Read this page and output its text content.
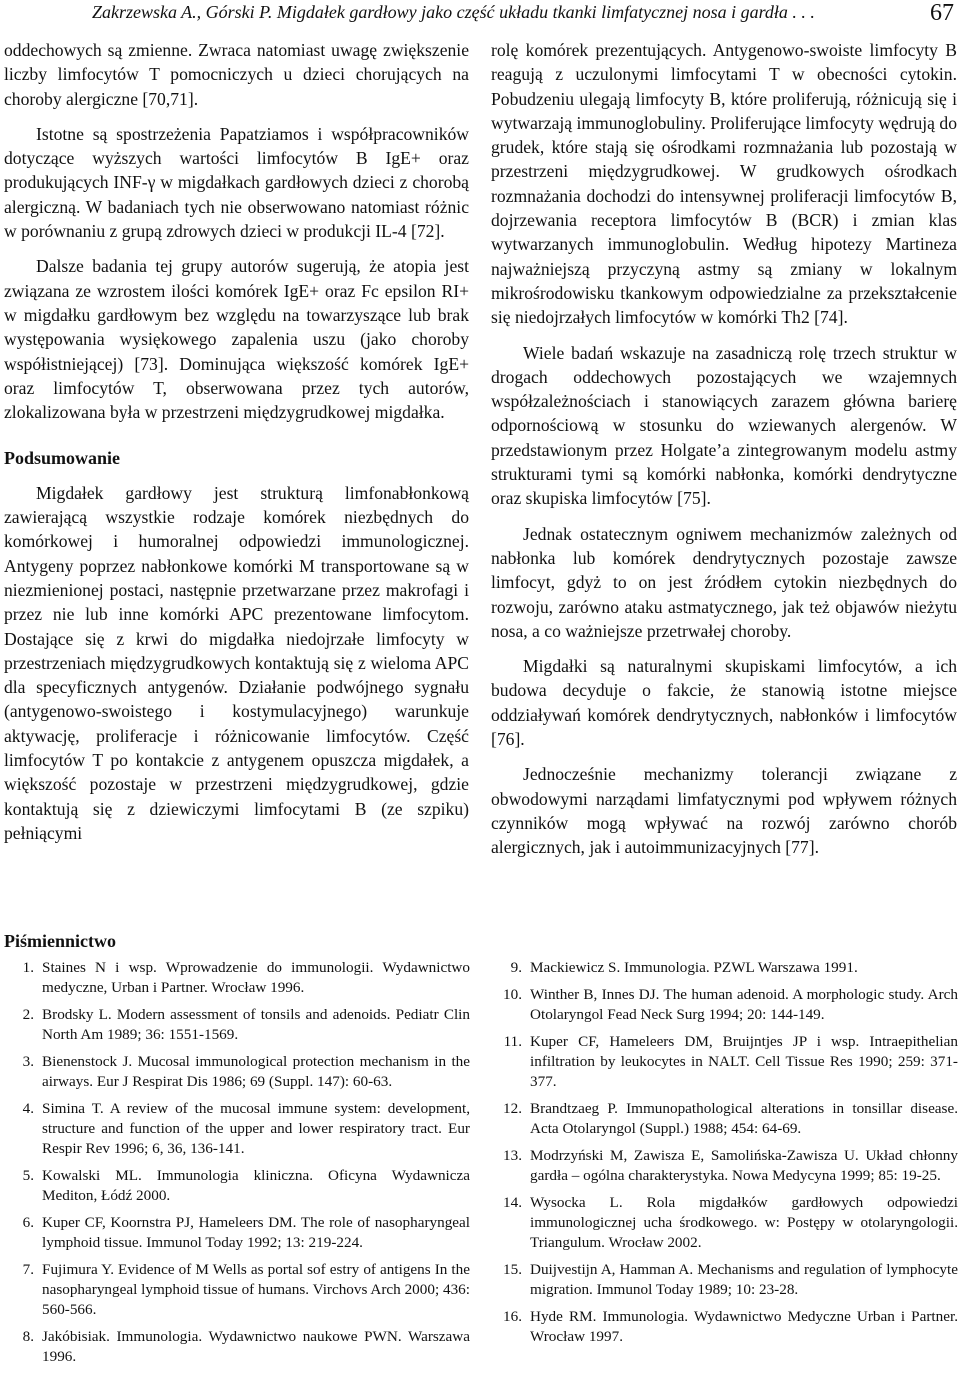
Zakrzewska A., Górski P. Migdałek gardłowy jako część układu tkanki limfatycznej nosa i gardła . . .	67

oddechowych są zmienne. Zwraca natomiast uwagę zwiększenie liczby limfocytów T pomocniczych u dzieci chorujących na choroby alergiczne [70,71].

Istotne są spostrzeżenia Papatziamos i współpracowników dotyczące wyższych wartości limfocytów B IgE+ oraz produkujących INF-γ w migdałkach gardłowych dzieci z chorobą alergiczną. W badaniach tych nie obserwowano natomiast różnic w porównaniu z grupą zdrowych dzieci w produkcji IL-4 [72].

Dalsze badania tej grupy autorów sugerują, że atopia jest związana ze wzrostem ilości komórek IgE+ oraz Fc epsilon RI+ w migdałku gardłowym bez względu na towarzyszące lub brak występowania wysiękowego zapalenia uszu (jako choroby współistniejącej) [73]. Dominująca większość komórek IgE+ oraz limfocytów T, obserwowana przez tych autorów, zlokalizowana była w przestrzeni międzygrudkowej migdałka.

Podsumowanie

Migdałek gardłowy jest strukturą limfonabłonkową zawierającą wszystkie rodzaje komórek niezbędnych do komórkowej i humoralnej odpowiedzi immunologicznej. Antygeny poprzez nabłonkowe komórki M transportowane są w niezmienionej postaci, następnie przetwarzane przez makrofagi i przez nie lub inne komórki APC prezentowane limfocytom. Dostające się z krwi do migdałka niedojrzałe limfocyty w przestrzeniach międzygrudkowych kontaktują się z wieloma APC dla specyficznych antygenów. Działanie podwójnego sygnału (antygenowo-swoistego i kostymulacyjnego) warunkuje aktywację, proliferacje i różnicowanie limfocytów. Część limfocytów T po kontakcie z antygenem opuszcza migdałek, a większość pozostaje w przestrzeni międzygrudkowej, gdzie kontaktują się z dziewiczymi limfocytami B (ze szpiku) pełniącymi

rolę komórek prezentujących. Antygenowo-swoiste limfocyty B reagują z uczulonymi limfocytami T w obecności cytokin. Pobudzeniu ulegają limfocyty B, które proliferują, różnicują się i wytwarzają immunoglobuliny. Proliferujące limfocyty wędrują do grudek, które stają się ośrodkami rozmnażania lub pozostają w przestrzeni międzygrudkowej. W grudkowych ośrodkach rozmnażania dochodzi do intensywnej proliferacji limfocytów B, dojrzewania receptora limfocytów B (BCR) i zmian klas wytwarzanych immunoglobulin. Według hipotezy Martineza najważniejszą przyczyną astmy są zmiany w lokalnym mikrośrodowisku tkankowym odpowiedzialne za przekształcenie się niedojrzałych limfocytów w komórki Th2 [74].

Wiele badań wskazuje na zasadniczą rolę trzech struktur w drogach oddechowych pozostających we wzajemnych współzależnościach i stanowiących zarazem główna barierę odpornościową w stosunku do wziewanych alergenów. W przedstawionym przez Holgate’a zintegrowanym modelu astmy strukturami tymi są komórki nabłonka, komórki dendrytyczne oraz skupiska limfocytów [75].

Jednak ostatecznym ogniwem mechanizmów zależnych od nabłonka lub komórek dendrytycznych pozostaje zawsze limfocyt, gdyż to on jest źródłem cytokin niezbędnych do rozwoju, zarówno ataku astmatycznego, jak też objawów nieżytu nosa, a co ważniejsze przetrwałej choroby.

Migdałki są naturalnymi skupiskami limfocytów, a ich budowa decyduje o fakcie, że stanowią istotne miejsce oddziaływań komórek dendrytycznych, nabłonków i limfocytów [76].

Jednocześnie mechanizmy tolerancji związane z obwodowymi narządami limfatycznymi pod wpływem różnych czynników mogą wpływać na rozwój zarówno chorób alergicznych, jak i autoimmunizacyjnych [77].

Piśmiennictwo
1. Staines N i wsp. Wprowadzenie do immunologii. Wydawnictwo medyczne, Urban i Partner. Wrocław 1996.
2. Brodsky L. Modern assessment of tonsils and adenoids. Pediatr Clin North Am 1989; 36: 1551-1569.
3. Bienenstock J. Mucosal immunological protection mechanism in the airways. Eur J Respirat Dis 1986; 69 (Suppl. 147): 60-63.
4. Simina T. A review of the mucosal immune system: development, structure and function of the upper and lower respiratory tract. Eur Respir Rev 1996; 6, 36, 136-141.
5. Kowalski ML. Immunologia kliniczna. Oficyna Wydawnicza Mediton, Łódź 2000.
6. Kuper CF, Koornstra PJ, Hameleers DM. The role of nasopharyngeal lymphoid tissue. Immunol Today 1992; 13: 219-224.
7. Fujimura Y. Evidence of M Wells as portal sof estry of antigens In the nasopharyngeal lymphoid tissue of humans. Virchovs Arch 2000; 436: 560-566.
8. Jakóbisiak. Immunologia. Wydawnictwo naukowe PWN. Warszawa 1996.
9. Mackiewicz S. Immunologia. PZWL Warszawa 1991.
10. Winther B, Innes DJ. The human adenoid. A morphologic study. Arch Otolaryngol Fead Neck Surg 1994; 20: 144-149.
11. Kuper CF, Hameleers DM, Bruijntjes JP i wsp. Intraepithelian infiltration by leukocytes in NALT. Cell Tissue Res 1990; 259: 371-377.
12. Brandtzaeg P. Immunopathological alterations in tonsillar disease. Acta Otolaryngol (Suppl.) 1988; 454: 64-69.
13. Modrzyński M, Zawisza E, Samolińska-Zawisza U. Układ chłonny gardła – ogólna charakterystyka. Nowa Medycyna 1999; 85: 19-25.
14. Wysocka L. Rola migdałków gardłowych odpowiedzi immunologicznej ucha środkowego. w: Postępy w otolaryngologii. Triangulum. Wrocław 2002.
15. Duijvestijn A, Hamman A. Mechanisms and regulation of lymphocyte migration. Immunol Today 1989; 10: 23-28.
16. Hyde RM. Immunologia. Wydawnictwo Medyczne Urban i Partner. Wrocław 1997.
